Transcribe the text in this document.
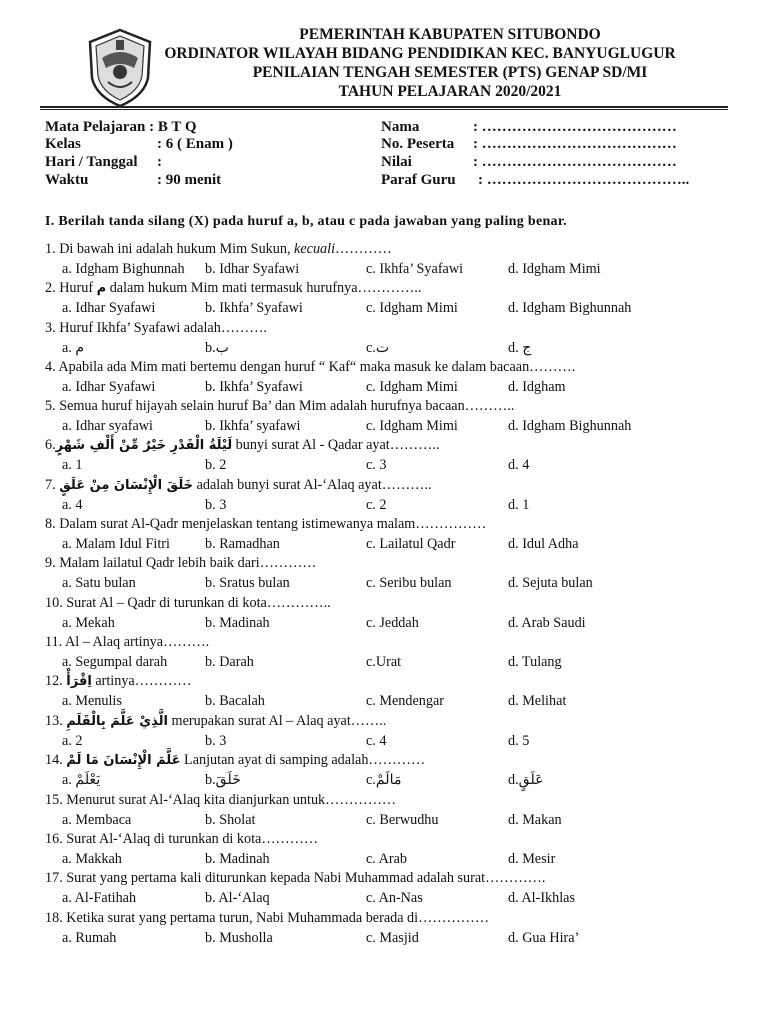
PEMERINTAH KABUPATEN SITUBONDO
ORDINATOR WILAYAH BIDANG PENDIDIKAN KEC. BANYUGLUGUR
PENILAIAN TENGAH SEMESTER (PTS) GENAP SD/MI
TAHUN PELAJARAN 2020/2021
Mata Pelajaran : B T Q
Kelas	: 6 ( Enam )
Hari / Tanggal :
Waktu	: 90 menit
Nama	: …………………………………
No. Peserta : …………………………………
Nilai	: …………………………………
Paraf Guru : …………………………………..
I. Berilah tanda silang (X) pada huruf a, b, atau c pada jawaban yang paling benar.
1. Di bawah ini adalah hukum Mim Sukun, kecuali…………
a. Idgham Bighunnah b. Idhar Syafawi	c. Ikhfa’ Syafawi	d. Idgham Mimi
2. Huruf م dalam hukum Mim mati termasuk hurufnya…………..
a. Idhar Syafawi	b. Ikhfa’ Syafawi	c. Idgham Mimi	d. Idgham Bighunnah
3. Huruf Ikhfa’ Syafawi adalah……….
a. م	b.ب	c.ت	d. ج
4. Apabila ada Mim mati bertemu dengan huruf “ Kaf“ maka masuk ke dalam bacaan……….
a. Idhar Syafawi	b. Ikhfa’ Syafawi	c. Idgham Mimi	d. Idgham
5. Semua huruf hijayah selain huruf Ba’ dan Mim adalah hurufnya bacaan………..
a. Idhar syafawi	b. Ikhfa’ syafawi	c. Idgham Mimi	d. Idgham Bighunnah
6.لَيْلَةُ الْقَدْرِ خَيْرٌ مِّنْ أَلْفِ شَهْرٍ bunyi surat Al - Qadar ayat………..
a. 1	b. 2	c. 3	d. 4
7. خَلَقَ الْإِنْسَانَ مِنْ عَلَقٍ adalah bunyi surat Al-‘Alaq ayat………..
a. 4	b. 3	c. 2	d. 1
8. Dalam surat Al-Qadr menjelaskan tentang istimewanya malam……………
a. Malam Idul Fitri b. Ramadhan	c. Lailatul Qadr	d. Idul Adha
9. Malam lailatul Qadr lebih baik dari…………
a. Satu bulan	b. Sratus bulan	c. Seribu bulan	d. Sejuta bulan
10. Surat Al – Qadr di turunkan di kota…………..
a. Mekah	b. Madinah	c. Jeddah	d. Arab Saudi
11. Al – Alaq artinya……….
a. Segumpal darah	b. Darah	c.Urat	d. Tulang
12. اِقْرَأْ artinya…………
a. Menulis	b. Bacalah	c. Mendengar	d. Melihat
13. الَّذِيْ عَلَّمَ بِالْقَلَمِ merupakan surat Al – Alaq ayat……..
a. 2	b. 3	c. 4	d. 5
14. عَلَّمَ الْإِنْسَانَ مَا لَمْ Lanjutan ayat di samping adalah…………
a. يَعْلَمْ	b.خَلَقَ	c.مَالَمْ	d.عَلَقٍ
15. Menurut surat Al-‘Alaq kita dianjurkan untuk……………
a. Membaca	b. Sholat	c. Berwudhu	d. Makan
16. Surat Al-‘Alaq di turunkan di kota…………
a. Makkah	b. Madinah	c. Arab	d. Mesir
17. Surat yang pertama kali diturunkan kepada Nabi Muhammad adalah surat………….
a. Al-Fatihah	b. Al-‘Alaq	c. An-Nas	d. Al-Ikhlas
18. Ketika surat yang pertama turun, Nabi Muhammada berada di……………
a. Rumah	b. Musholla	c. Masjid	d. Gua Hira’
